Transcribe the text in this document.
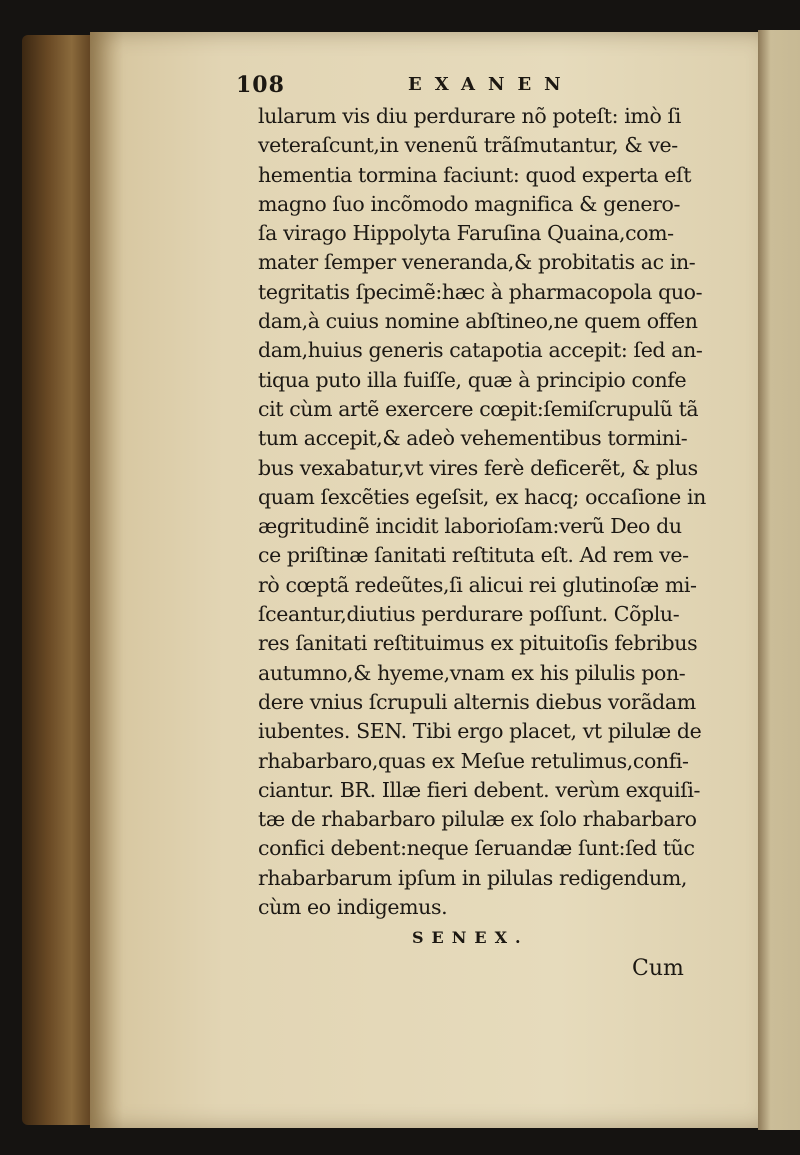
108	EXANEN
lularum vis diu perdurare nõ poteſt: imò ſi
veteraſcunt,in venenũ trãſmutantur, & ve-
hementia tormina faciunt: quod experta eſt
magno ſuo incõmodo magnifica & genero-
ſa virago Hippolyta Faruſina Quaina,com-
mater ſemper veneranda,& probitatis ac in-
tegritatis ſpecimẽ:hæc à pharmacopola quo-
dam,à cuius nomine abſtineo,ne quem offen
dam,huius generis catapotia accepit: ſed an-
tiqua puto illa fuiſſe, quæ à principio confe
cit cùm artẽ exercere cœpit:ſemiſcrupulũ tã
tum accepit,& adeò vehementibus tormini-
bus vexabatur,vt vires ferè deficerẽt, & plus
quam ſexcẽties egeſsit, ex hacq; occaſione in
ægritudinẽ incidit laborioſam:verũ Deo du
ce priſtinæ ſanitati reſtituta eſt. Ad rem ve-
rò cœptã redeũtes,ſi alicui rei glutinoſæ mi-
ſceantur,diutius perdurare poſſunt. Cõplu-
res ſanitati reſtituimus ex pituitoſis febribus
autumno,& hyeme,vnam ex his pilulis pon-
dere vnius ſcrupuli alternis diebus vorãdam
iubentes. SEN. Tibi ergo placet, vt pilulæ de
rhabarbaro,quas ex Meſue retulimus,confi-
ciantur. BR. Illæ fieri debent. verùm exquiſi-
tæ de rhabarbaro pilulæ ex ſolo rhabarbaro
confici debent:neque ſeruandæ ſunt:ſed tũc
rhabarbarum ipſum in pilulas redigendum,
cùm eo indigemus.
SENEX.
Cum
